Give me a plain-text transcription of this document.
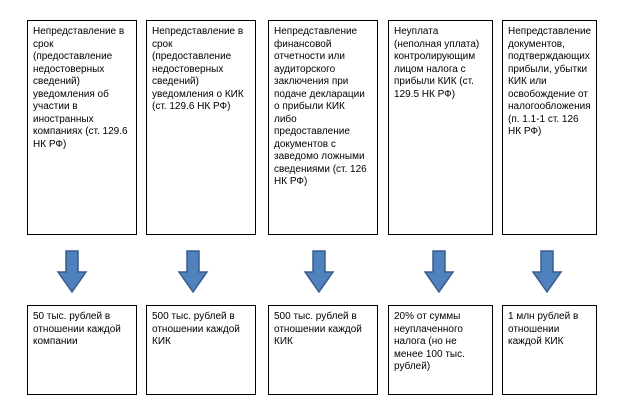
Непредставление в
срок
(предоставление
недостоверных
сведений)
уведомления об
участии в
иностранных
компаниях (ст. 129.6
НК РФ)
50 тыс. рублей в
отношении каждой
компании
Непредставление в
срок
(предоставление
недостоверных
сведений)
уведомления о КИК
(ст. 129.6 НК РФ)
500 тыс. рублей в
отношении каждой
КИК
Непредставление
финансовой
отчетности или
аудиторского
заключения при
подаче декларации
о прибыли КИК
либо
предоставление
документов с
заведомо ложными
сведениями (ст. 126
НК РФ)
500 тыс. рублей в
отношении каждой
КИК
Неуплата
(неполная уплата)
контролирующим
лицом налога с
прибыли КИК (ст.
129.5 НК РФ)
20% от суммы
неуплаченного
налога (но не
менее 100 тыс.
рублей)
Непредставление
документов,
подтверждающих
прибыли, убытки
КИК или
освобождение от
налогообложения
(п. 1.1-1 ст. 126
НК РФ)
1 млн рублей в
отношении
каждой КИК
